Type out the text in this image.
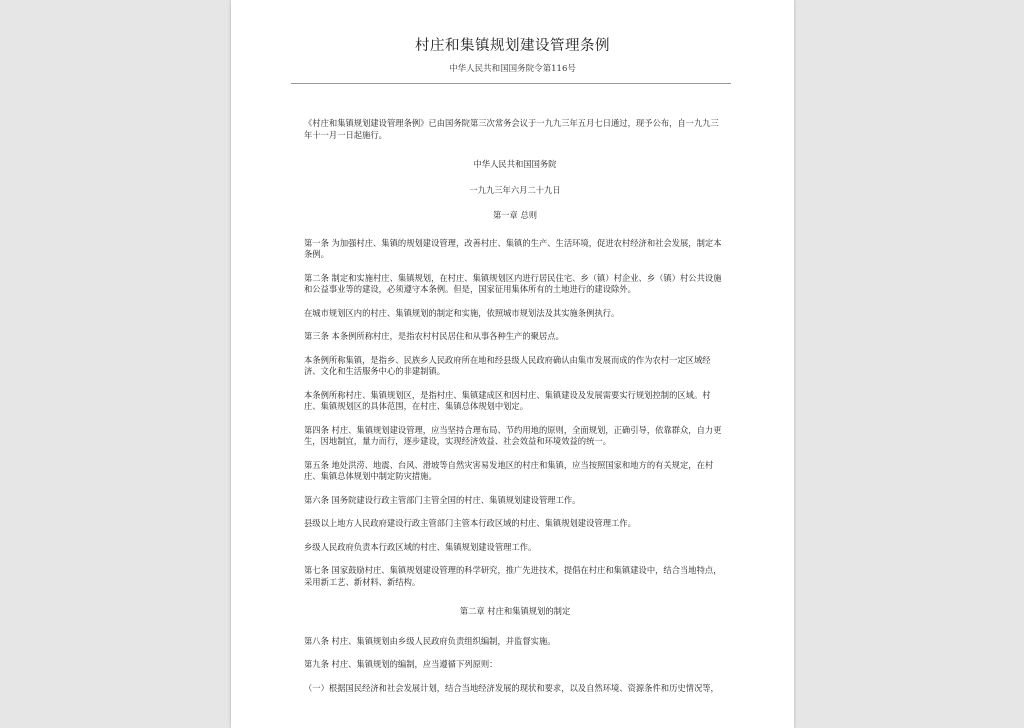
村庄和集镇规划建设管理条例
中华人民共和国国务院令第116号

《村庄和集镇规划建设管理条例》已由国务院第三次常务会议于一九九三年五月七日通过，现予公布，自一九九三年十一月一日起施行。

中华人民共和国国务院

一九九三年六月二十九日

第一章 总则

第一条 为加强村庄、集镇的规划建设管理，改善村庄、集镇的生产、生活环境，促进农村经济和社会发展，制定本条例。

第二条 制定和实施村庄、集镇规划，在村庄、集镇规划区内进行居民住宅、乡（镇）村企业、乡（镇）村公共设施和公益事业等的建设，必须遵守本条例。但是，国家征用集体所有的土地进行的建设除外。

在城市规划区内的村庄、集镇规划的制定和实施，依照城市规划法及其实施条例执行。

第三条 本条例所称村庄，是指农村村民居住和从事各种生产的聚居点。

本条例所称集镇，是指乡、民族乡人民政府所在地和经县级人民政府确认由集市发展而成的作为农村一定区域经济、文化和生活服务中心的非建制镇。

本条例所称村庄、集镇规划区，是指村庄、集镇建成区和因村庄、集镇建设及发展需要实行规划控制的区域。村庄、集镇规划区的具体范围，在村庄、集镇总体规划中划定。

第四条 村庄、集镇规划建设管理，应当坚持合理布局、节约用地的原则，全面规划，正确引导，依靠群众，自力更生，因地制宜，量力而行，逐步建设，实现经济效益、社会效益和环境效益的统一。

第五条 地处洪涝、地震、台风、滑坡等自然灾害易发地区的村庄和集镇，应当按照国家和地方的有关规定，在村庄、集镇总体规划中制定防灾措施。

第六条 国务院建设行政主管部门主管全国的村庄、集镇规划建设管理工作。

县级以上地方人民政府建设行政主管部门主管本行政区域的村庄、集镇规划建设管理工作。

乡级人民政府负责本行政区域的村庄、集镇规划建设管理工作。

第七条 国家鼓励村庄、集镇规划建设管理的科学研究，推广先进技术，提倡在村庄和集镇建设中，结合当地特点，采用新工艺、新材料、新结构。

第二章 村庄和集镇规划的制定

第八条 村庄、集镇规划由乡级人民政府负责组织编制，并监督实施。

第九条 村庄、集镇规划的编制，应当遵循下列原则：

（一）根据国民经济和社会发展计划，结合当地经济发展的现状和要求，以及自然环境、资源条件和历史情况等，
